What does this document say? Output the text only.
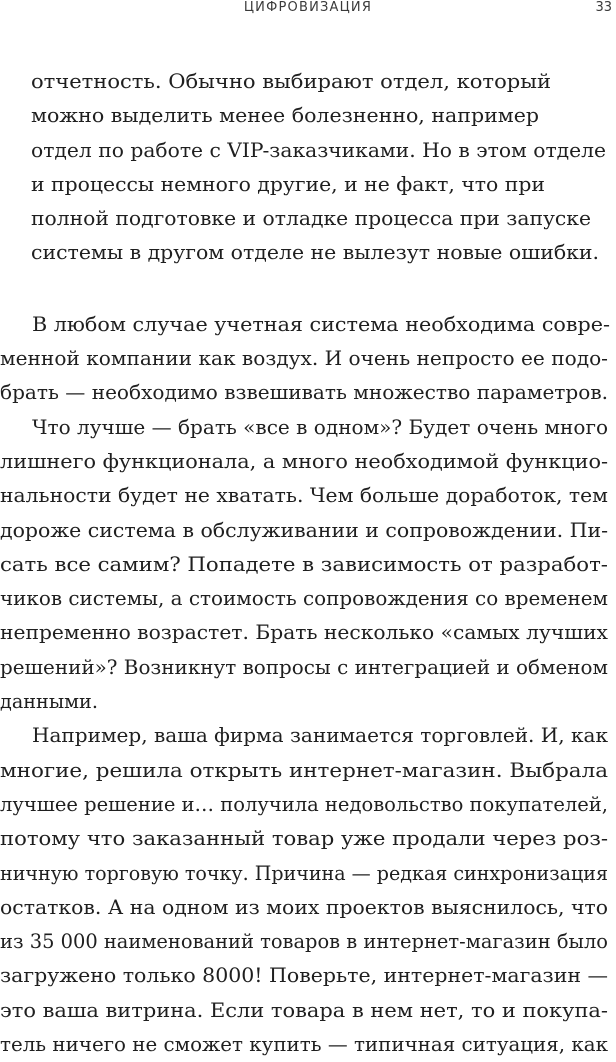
ЦИФРОВИЗАЦИЯ	33
отчетность. Обычно выбирают отдел, который
можно выделить менее болезненно, например
отдел по работе с VIP-заказчиками. Но в этом отделе
и процессы немного другие, и не факт, что при
полной подготовке и отладке процесса при запуске
системы в другом отделе не вылезут новые ошибки.
В любом случае учетная система необходима совре-
менной компании как воздух. И очень непросто ее подо-
брать — необходимо взвешивать множество параметров.
Что лучше — брать «все в одном»? Будет очень много
лишнего функционала, а много необходимой функцио-
нальности будет не хватать. Чем больше доработок, тем
дороже система в обслуживании и сопровождении. Пи-
сать все самим? Попадете в зависимость от разработ-
чиков системы, а стоимость сопровождения со временем
непременно возрастет. Брать несколько «самых лучших
решений»? Возникнут вопросы с интеграцией и обменом
данными.
Например, ваша фирма занимается торговлей. И, как
многие, решила открыть интернет-магазин. Выбрала
лучшее решение и… получила недовольство покупателей,
потому что заказанный товар уже продали через роз-
ничную торговую точку. Причина — редкая синхронизация
остатков. А на одном из моих проектов выяснилось, что
из 35 000 наименований товаров в интернет-магазин было
загружено только 8000! Поверьте, интернет-магазин —
это ваша витрина. Если товара в нем нет, то и покупа-
тель ничего не сможет купить — типичная ситуация, как
